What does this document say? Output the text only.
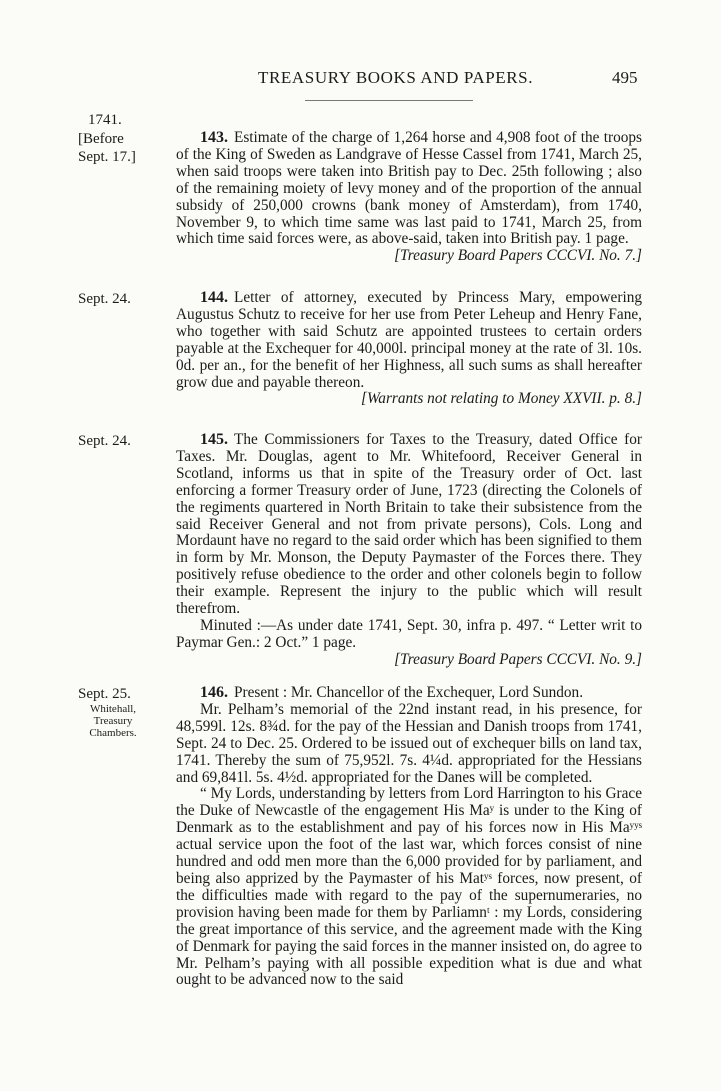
TREASURY BOOKS AND PAPERS.	495
1741.
[Before
Sept. 17.]

143. Estimate of the charge of 1,264 horse and 4,908 foot of the troops of the King of Sweden as Landgrave of Hesse Cassel from 1741, March 25, when said troops were taken into British pay to Dec. 25th following ; also of the remaining moiety of levy money and of the proportion of the annual subsidy of 250,000 crowns (bank money of Amsterdam), from 1740, November 9, to which time same was last paid to 1741, March 25, from which time said forces were, as above-said, taken into British pay. 1 page.

[Treasury Board Papers CCCVI. No. 7.]

Sept. 24.	144. Letter of attorney, executed by Princess Mary, empowering Augustus Schutz to receive for her use from Peter Leheup and Henry Fane, who together with said Schutz are appointed trustees to certain orders payable at the Exchequer for 40,000l. principal money at the rate of 3l. 10s. 0d. per an., for the benefit of her Highness, all such sums as shall hereafter grow due and payable thereon.

[Warrants not relating to Money XXVII. p. 8.]

Sept. 24.	145. The Commissioners for Taxes to the Treasury, dated Office for Taxes. Mr. Douglas, agent to Mr. Whitefoord, Receiver General in Scotland, informs us that in spite of the Treasury order of Oct. last enforcing a former Treasury order of June, 1723 (directing the Colonels of the regiments quartered in North Britain to take their subsistence from the said Receiver General and not from private persons), Cols. Long and Mordaunt have no regard to the said order which has been signified to them in form by Mr. Monson, the Deputy Paymaster of the Forces there. They positively refuse obedience to the order and other colonels begin to follow their example. Represent the injury to the public which will result therefrom.

Minuted :—As under date 1741, Sept. 30, infra p. 497. “ Letter writ to Paymar Gen.: 2 Oct.” 1 page.

[Treasury Board Papers CCCVI. No. 9.]

Sept. 25.
Whitehall,
Treasury
Chambers.

146. Present : Mr. Chancellor of the Exchequer, Lord Sundon.

Mr. Pelham’s memorial of the 22nd instant read, in his presence, for 48,599l. 12s. 8¾d. for the pay of the Hessian and Danish troops from 1741, Sept. 24 to Dec. 25. Ordered to be issued out of exchequer bills on land tax, 1741. Thereby the sum of 75,952l. 7s. 4¼d. appropriated for the Hessians and 69,841l. 5s. 4½d. appropriated for the Danes will be completed.

“ My Lords, understanding by letters from Lord Harrington to his Grace the Duke of Newcastle of the engagement His Maʸ is under to the King of Denmark as to the establishment and pay of his forces now in His Maʸʸˢ actual service upon the foot of the last war, which forces consist of nine hundred and odd men more than the 6,000 provided for by parliament, and being also apprized by the Paymaster of his Matʸˢ forces, now present, of the difficulties made with regard to the pay of the supernumeraries, no provision having been made for them by Parliamnᵗ : my Lords, considering the great importance of this service, and the agreement made with the King of Denmark for paying the said forces in the manner insisted on, do agree to Mr. Pelham’s paying with all possible expedition what is due and what ought to be advanced now to the said
